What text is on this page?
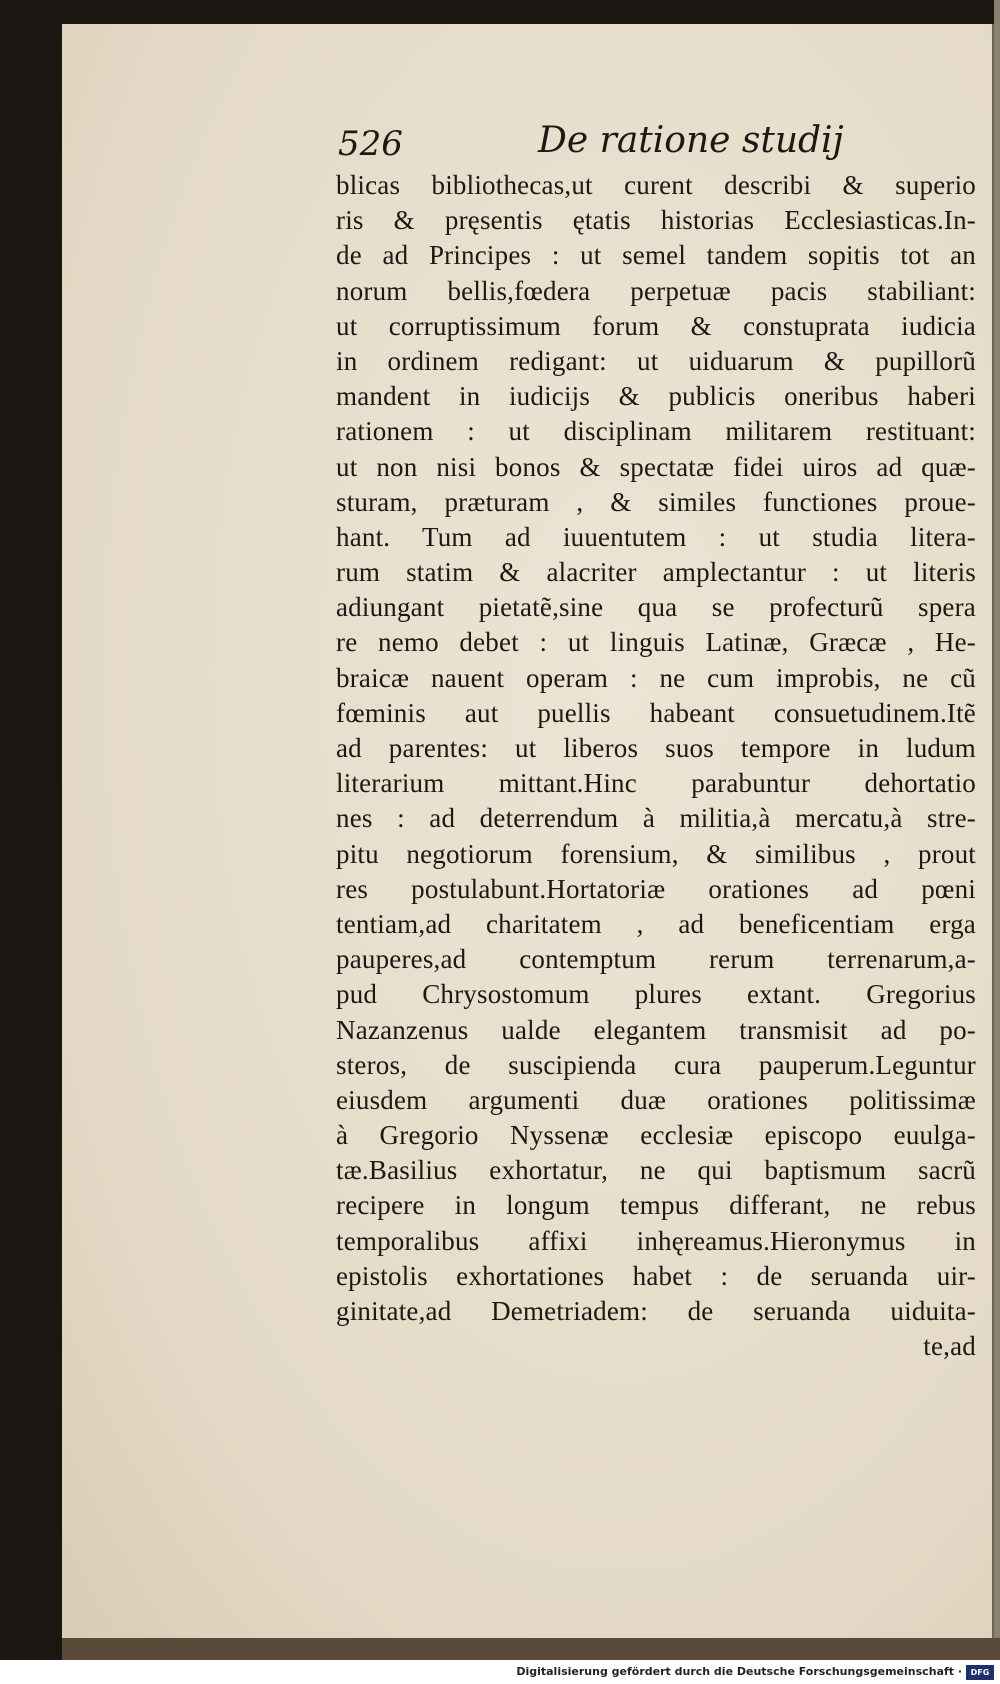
526	De ratione studij
blicas bibliothecas,ut curent describi & superio
ris & pręsentis ętatis historias Ecclesiasticas.In-
de ad Principes : ut semel tandem sopitis tot an
norum bellis,fœdera perpetuæ pacis stabiliant:
ut corruptissimum forum & constuprata iudicia
in ordinem redigant: ut uiduarum & pupillorũ
mandent in iudicijs & publicis oneribus haberi
rationem : ut disciplinam militarem restituant:
ut non nisi bonos & spectatæ fidei uiros ad quæ-
sturam, præturam , & similes functiones proue-
hant. Tum ad iuuentutem : ut studia litera-
rum statim & alacriter amplectantur : ut literis
adiungant pietatẽ,sine qua se profecturũ spera
re nemo debet : ut linguis Latinæ, Græcæ , He-
braicæ nauent operam : ne cum improbis, ne cũ
fœminis aut puellis habeant consuetudinem.Itẽ
ad parentes: ut liberos suos tempore in ludum
literarium mittant.Hinc parabuntur dehortatio
nes : ad deterrendum à militia,à mercatu,à stre-
pitu negotiorum forensium, & similibus , prout
res postulabunt.Hortatoriæ orationes ad pœni
tentiam,ad charitatem , ad beneficentiam erga
pauperes,ad contemptum rerum terrenarum,a-
pud Chrysostomum plures extant. Gregorius
Nazanzenus ualde elegantem transmisit ad po-
steros, de suscipienda cura pauperum.Leguntur
eiusdem argumenti duæ orationes politissimæ
à Gregorio Nyssenæ ecclesiæ episcopo euulga-
tæ.Basilius exhortatur, ne qui baptismum sacrũ
recipere in longum tempus differant, ne rebus
temporalibus affixi inhęreamus.Hieronymus in
epistolis exhortationes habet : de seruanda uir-
ginitate,ad Demetriadem: de seruanda uiduita-
te,ad
Digitalisierung gefördert durch die Deutsche Forschungsgemeinschaft ·	DFG
